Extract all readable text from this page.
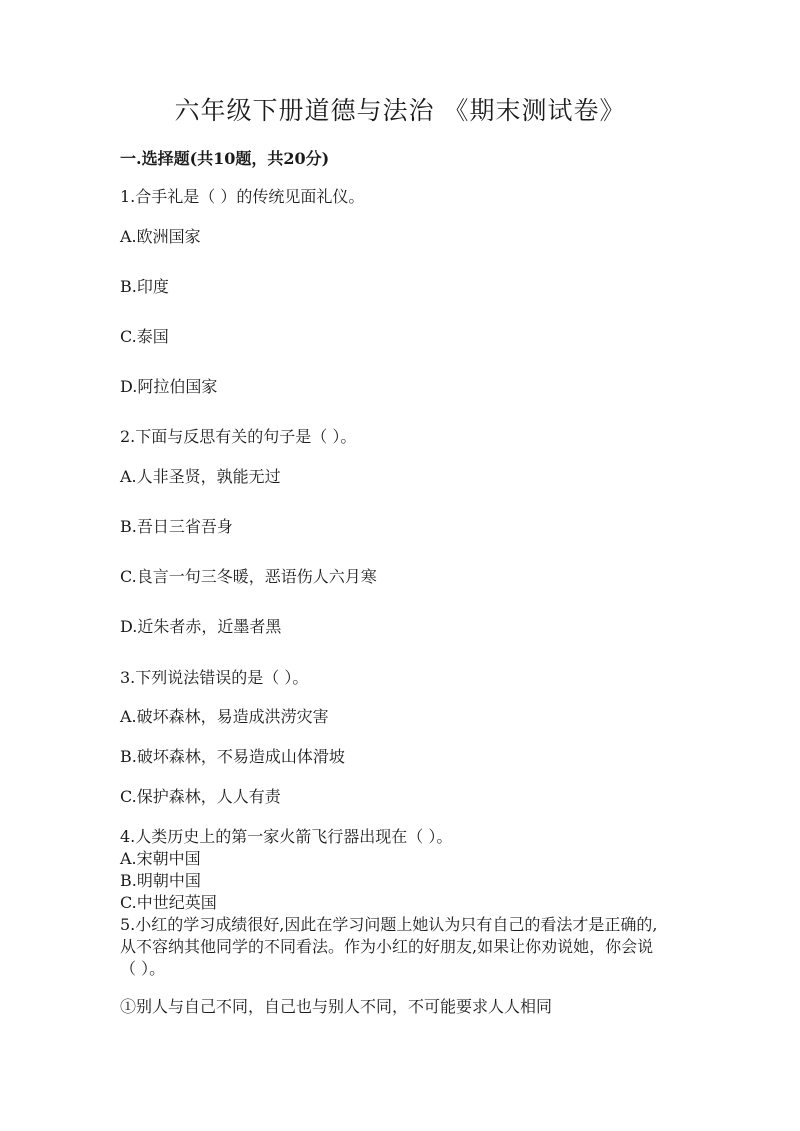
六年级下册道德与法治 《期末测试卷》
一.选择题(共10题，共20分)
1.合手礼是（ ）的传统见面礼仪。
A.欧洲国家
B.印度
C.泰国
D.阿拉伯国家
2.下面与反思有关的句子是（ ）。
A.人非圣贤，孰能无过
B.吾日三省吾身
C.良言一句三冬暖，恶语伤人六月寒
D.近朱者赤，近墨者黑
3.下列说法错误的是（ ）。
A.破坏森林，易造成洪涝灾害
B.破坏森林，不易造成山体滑坡
C.保护森林，人人有责
4.人类历史上的第一家火箭飞行器出现在（ ）。
A.宋朝中国
B.明朝中国
C.中世纪英国
5.小红的学习成绩很好,因此在学习问题上她认为只有自己的看法才是正确的,
从不容纳其他同学的不同看法。作为小红的好朋友,如果让你劝说她，你会说
（ ）。
①别人与自己不同，自己也与别人不同，不可能要求人人相同
